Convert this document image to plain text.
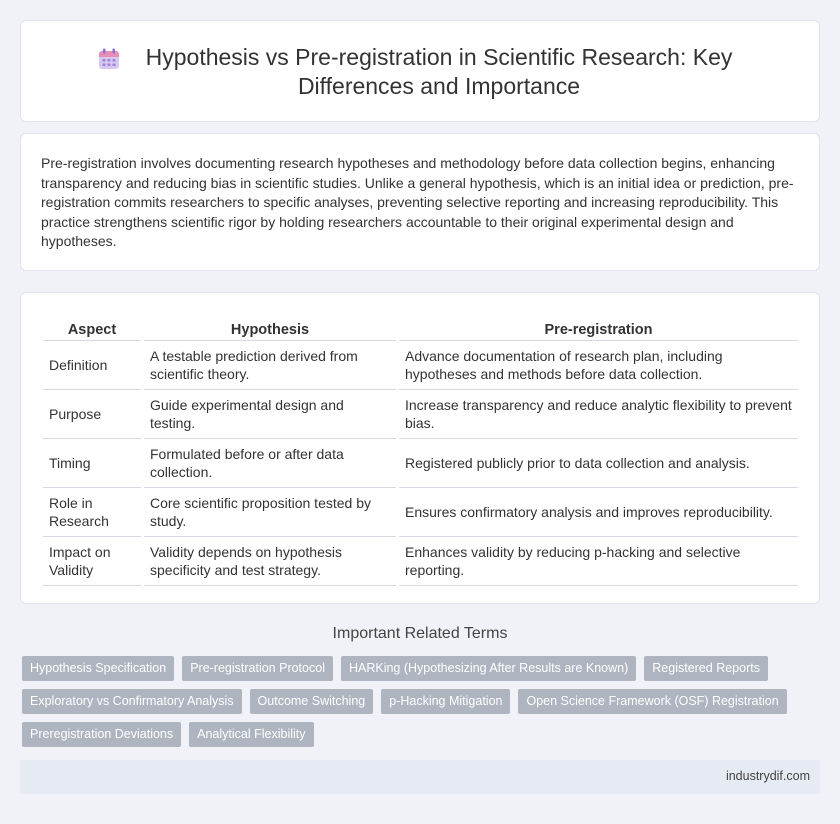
Hypothesis vs Pre-registration in Scientific Research: Key Differences and Importance

Pre-registration involves documenting research hypotheses and methodology before data collection begins, enhancing transparency and reducing bias in scientific studies. Unlike a general hypothesis, which is an initial idea or prediction, pre-registration commits researchers to specific analyses, preventing selective reporting and increasing reproducibility. This practice strengthens scientific rigor by holding researchers accountable to their original experimental design and hypotheses.

Aspect		Hypothesis		Pre-registration
Definition		A testable prediction derived from scientific theory.		Advance documentation of research plan, including hypotheses and methods before data collection.
Purpose		Guide experimental design and testing.		Increase transparency and reduce analytic flexibility to prevent bias.
Timing		Formulated before or after data collection.		Registered publicly prior to data collection and analysis.
Role in Research		Core scientific proposition tested by study.		Ensures confirmatory analysis and improves reproducibility.
Impact on Validity		Validity depends on hypothesis specificity and test strategy.		Enhances validity by reducing p-hacking and selective reporting.
Important Related Terms
Hypothesis Specification	Pre-registration Protocol	HARKing (Hypothesizing After Results are Known)	Registered Reports
Exploratory vs Confirmatory Analysis	Outcome Switching	p-Hacking Mitigation	Open Science Framework (OSF) Registration
Preregistration Deviations	Analytical Flexibility
industrydif.com
